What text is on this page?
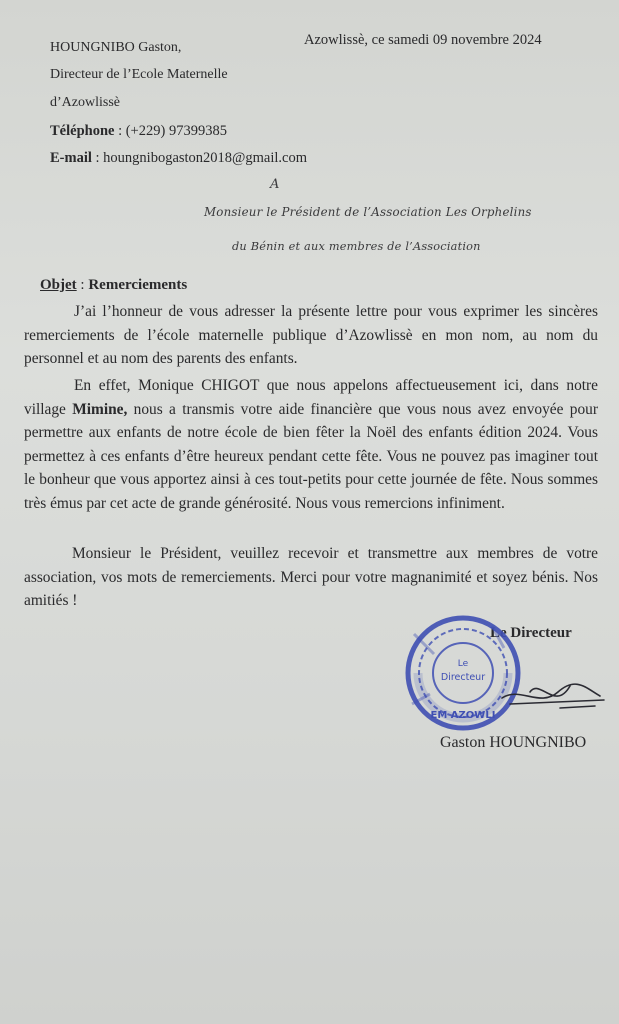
HOUNGNIBO Gaston,
Directeur de l’Ecole Maternelle
d’Azowlissè
Téléphone : (+229) 97399385
E-mail : houngnibogaston2018@gmail.com
Azowlissè, ce samedi 09 novembre 2024
A
Monsieur le Président de l’Association Les Orphelins
du Bénin et aux membres de l’Association
Objet : Remerciements
J’ai l’honneur de vous adresser la présente lettre pour vous exprimer les sincères remerciements de l’école maternelle publique d’Azowlissè en mon nom, au nom du personnel et au nom des parents des enfants.
En effet, Monique CHIGOT que nous appelons affectueusement ici, dans notre village Mimine, nous a transmis votre aide financière que vous nous avez envoyée pour permettre aux enfants de notre école de bien fêter la Noël des enfants édition 2024. Vous permettez à ces enfants d’être heureux pendant cette fête. Vous ne pouvez pas imaginer tout le bonheur que vous apportez ainsi à ces tout-petits pour cette journée de fête. Nous sommes très émus par cet acte de grande générosité. Nous vous remercions infiniment.
Monsieur le Président, veuillez recevoir et transmettre aux membres de votre association, vos mots de remerciements. Merci pour votre magnanimité et soyez bénis. Nos amitiés !
Le Directeur
Le
Directeur
EM AZOWLI
Gaston HOUNGNIBO
